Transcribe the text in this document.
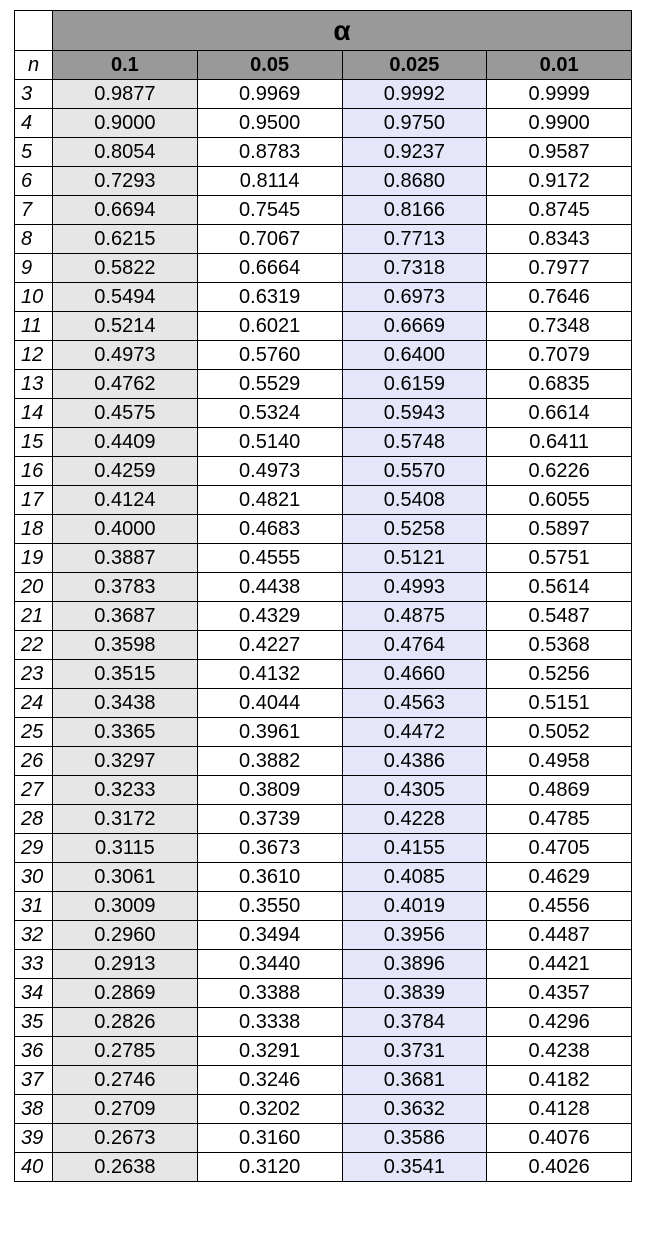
	α			
n	0.1	0.05	0.025	0.01
3	0.9877	0.9969	0.9992	0.9999
4	0.9000	0.9500	0.9750	0.9900
5	0.8054	0.8783	0.9237	0.9587
6	0.7293	0.8114	0.8680	0.9172
7	0.6694	0.7545	0.8166	0.8745
8	0.6215	0.7067	0.7713	0.8343
9	0.5822	0.6664	0.7318	0.7977
10	0.5494	0.6319	0.6973	0.7646
11	0.5214	0.6021	0.6669	0.7348
12	0.4973	0.5760	0.6400	0.7079
13	0.4762	0.5529	0.6159	0.6835
14	0.4575	0.5324	0.5943	0.6614
15	0.4409	0.5140	0.5748	0.6411
16	0.4259	0.4973	0.5570	0.6226
17	0.4124	0.4821	0.5408	0.6055
18	0.4000	0.4683	0.5258	0.5897
19	0.3887	0.4555	0.5121	0.5751
20	0.3783	0.4438	0.4993	0.5614
21	0.3687	0.4329	0.4875	0.5487
22	0.3598	0.4227	0.4764	0.5368
23	0.3515	0.4132	0.4660	0.5256
24	0.3438	0.4044	0.4563	0.5151
25	0.3365	0.3961	0.4472	0.5052
26	0.3297	0.3882	0.4386	0.4958
27	0.3233	0.3809	0.4305	0.4869
28	0.3172	0.3739	0.4228	0.4785
29	0.3115	0.3673	0.4155	0.4705
30	0.3061	0.3610	0.4085	0.4629
31	0.3009	0.3550	0.4019	0.4556
32	0.2960	0.3494	0.3956	0.4487
33	0.2913	0.3440	0.3896	0.4421
34	0.2869	0.3388	0.3839	0.4357
35	0.2826	0.3338	0.3784	0.4296
36	0.2785	0.3291	0.3731	0.4238
37	0.2746	0.3246	0.3681	0.4182
38	0.2709	0.3202	0.3632	0.4128
39	0.2673	0.3160	0.3586	0.4076
40	0.2638	0.3120	0.3541	0.4026
